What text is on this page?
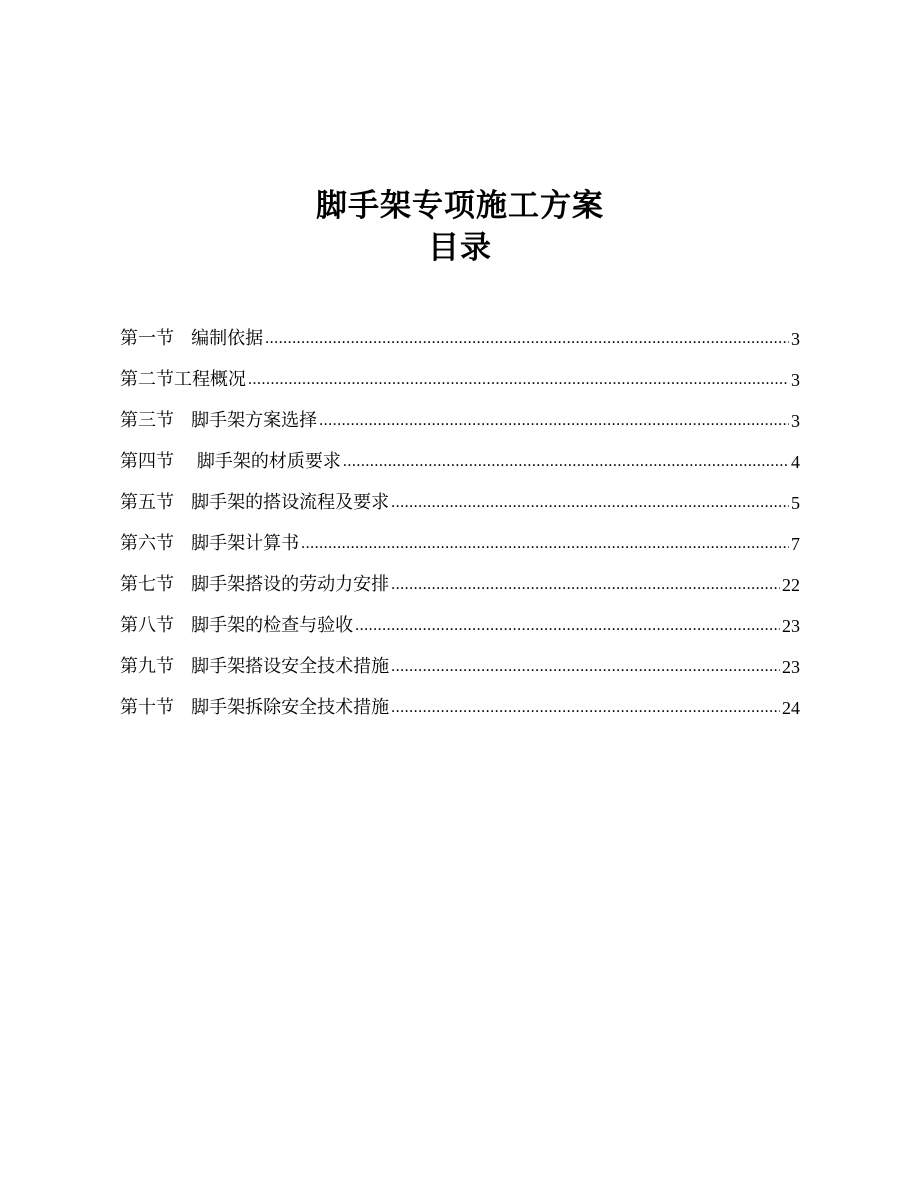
脚手架专项施工方案
目录
第一节 编制依据 .....	3
第二节工程概况 .....	3
第三节 脚手架方案选择 .....	3
第四节 脚手架的材质要求 .....	4
第五节 脚手架的搭设流程及要求 .....	5
第六节 脚手架计算书 .....	7
第七节 脚手架搭设的劳动力安排 .....	22
第八节 脚手架的检查与验收 .....	23
第九节 脚手架搭设安全技术措施 .....	23
第十节 脚手架拆除安全技术措施 .....	24
